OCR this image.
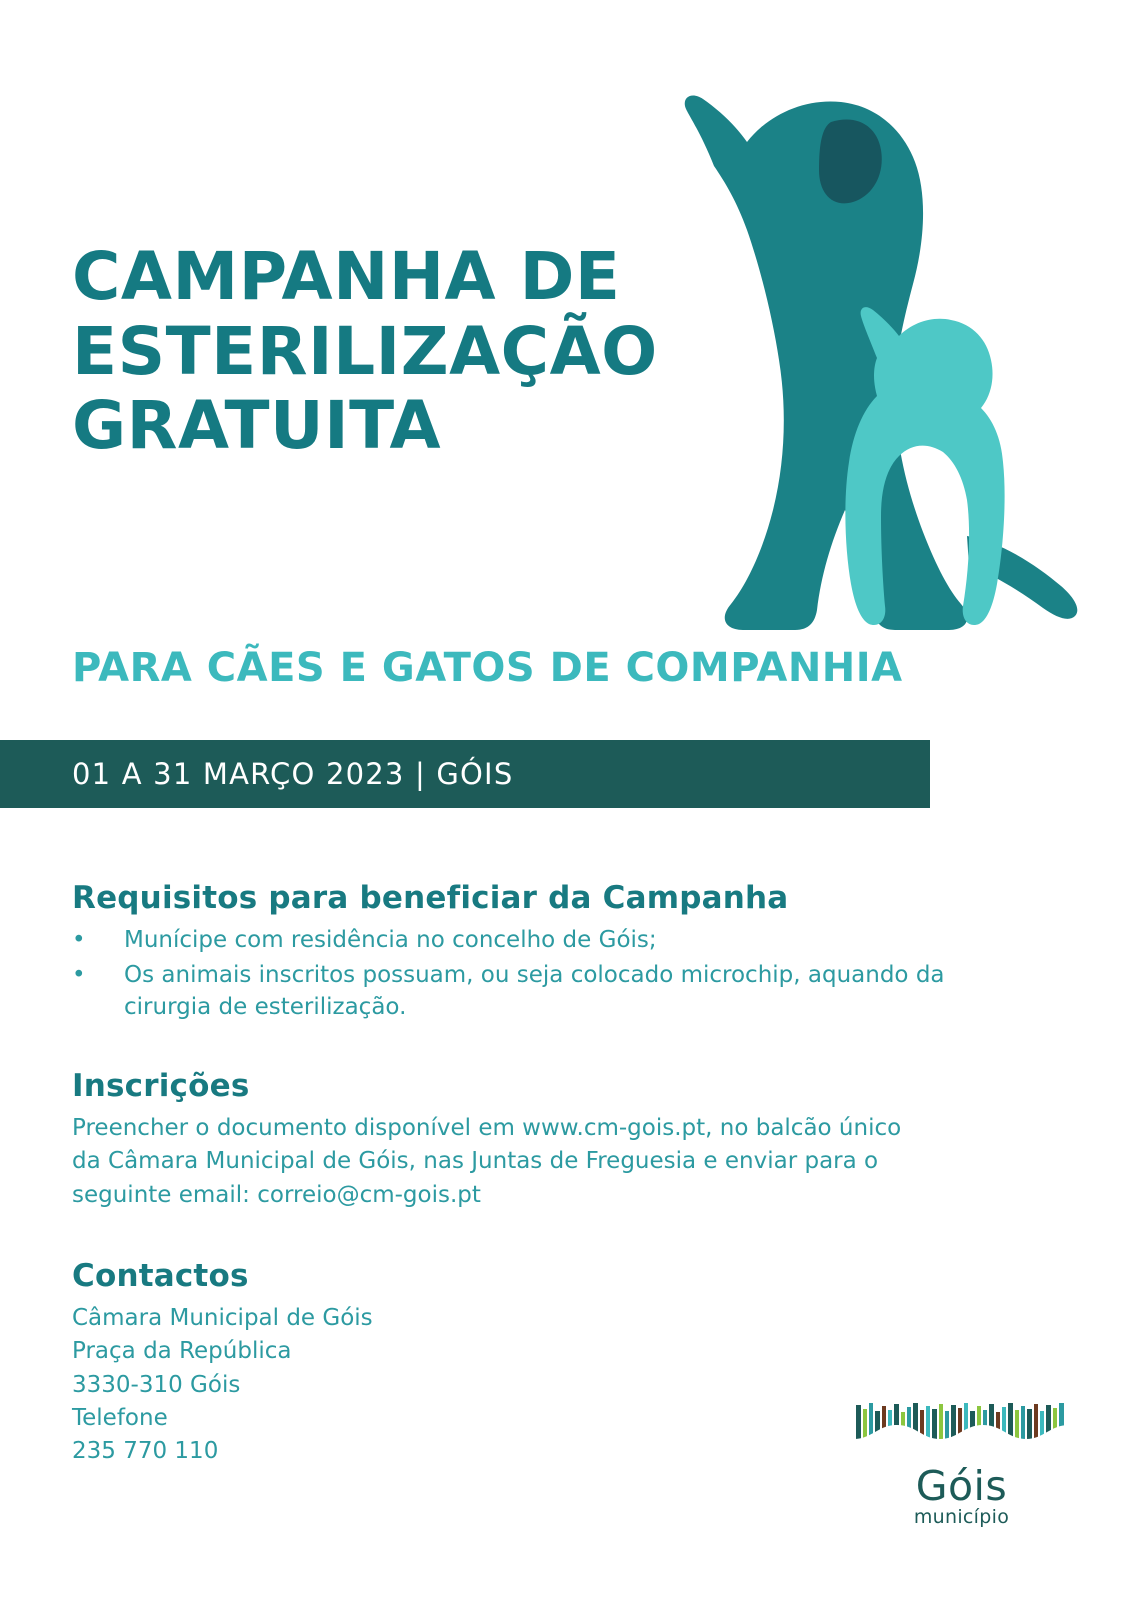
CAMPANHA DE
ESTERILIZAÇÃO
GRATUITA
PARA CÃES E GATOS DE COMPANHIA
01 A 31 MARÇO 2023 | GÓIS
Requisitos para beneficiar da Campanha
• Munícipe com residência no concelho de Góis;
• Os animais inscritos possuam, ou seja colocado microchip, aquando da cirurgia de esterilização.
Inscrições

Preencher o documento disponível em www.cm-gois.pt, no balcão único da Câmara Municipal de Góis, nas Juntas de Freguesia e enviar para o seguinte email: correio@cm-gois.pt

Contactos

Câmara Municipal de Góis

Praça da República

3330-310 Góis

Telefone

235 770 110

Góis
município
